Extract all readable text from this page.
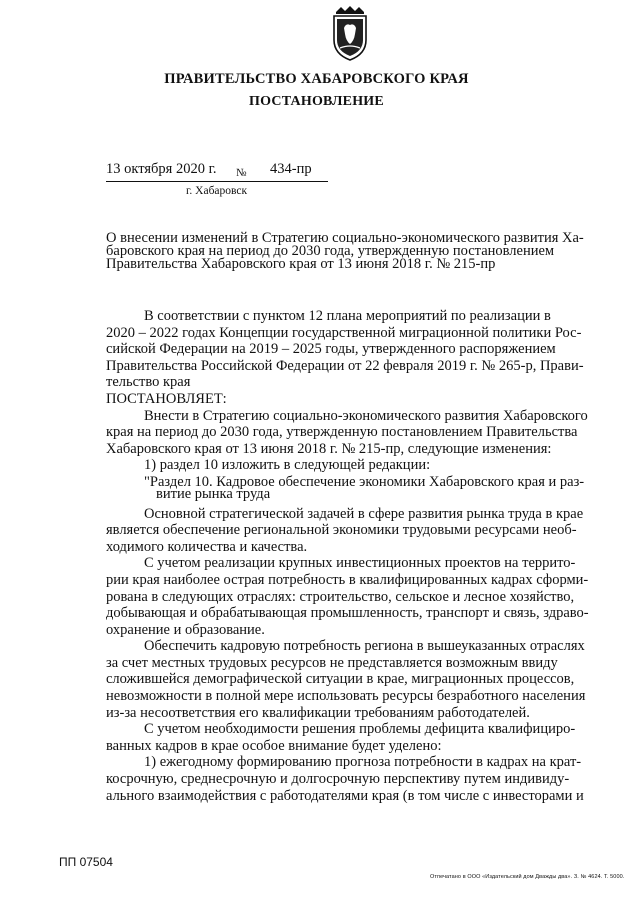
ПРАВИТЕЛЬСТВО ХАБАРОВСКОГО КРАЯ
ПОСТАНОВЛЕНИЕ
13 октября 2020 г. № 434-пр
г. Хабаровск
О внесении изменений в Стратегию социально-экономического развития Ха-
баровского края на период до 2030 года, утвержденную постановлением
Правительства Хабаровского края от 13 июня 2018 г. № 215-пр
В соответствии с пунктом 12 плана мероприятий по реализации в
2020 – 2022 годах Концепции государственной миграционной политики Рос-
сийской Федерации на 2019 – 2025 годы, утвержденного распоряжением
Правительства Российской Федерации от 22 февраля 2019 г. № 265-р, Прави-
тельство края
ПОСТАНОВЛЯЕТ:
Внести в Стратегию социально-экономического развития Хабаровского
края на период до 2030 года, утвержденную постановлением Правительства
Хабаровского края от 13 июня 2018 г. № 215-пр, следующие изменения:
1) раздел 10 изложить в следующей редакции:
"Раздел 10. Кадровое обеспечение экономики Хабаровского края и раз-
витие рынка труда
Основной стратегической задачей в сфере развития рынка труда в крае
является обеспечение региональной экономики трудовыми ресурсами необ-
ходимого количества и качества.
С учетом реализации крупных инвестиционных проектов на террито-
рии края наиболее острая потребность в квалифицированных кадрах сформи-
рована в следующих отраслях: строительство, сельское и лесное хозяйство,
добывающая и обрабатывающая промышленность, транспорт и связь, здраво-
охранение и образование.
Обеспечить кадровую потребность региона в вышеуказанных отраслях
за счет местных трудовых ресурсов не представляется возможным ввиду
сложившейся демографической ситуации в крае, миграционных процессов,
невозможности в полной мере использовать ресурсы безработного населения
из-за несоответствия его квалификации требованиям работодателей.
С учетом необходимости решения проблемы дефицита квалифициро-
ванных кадров в крае особое внимание будет уделено:
1) ежегодному формированию прогноза потребности в кадрах на крат-
косрочную, среднесрочную и долгосрочную перспективу путем индивиду-
ального взаимодействия с работодателями края (в том числе с инвесторами и
ПП 07504
Отпечатано в ООО «Издательский дом Дважды два». З. № 4624. Т. 5000.
